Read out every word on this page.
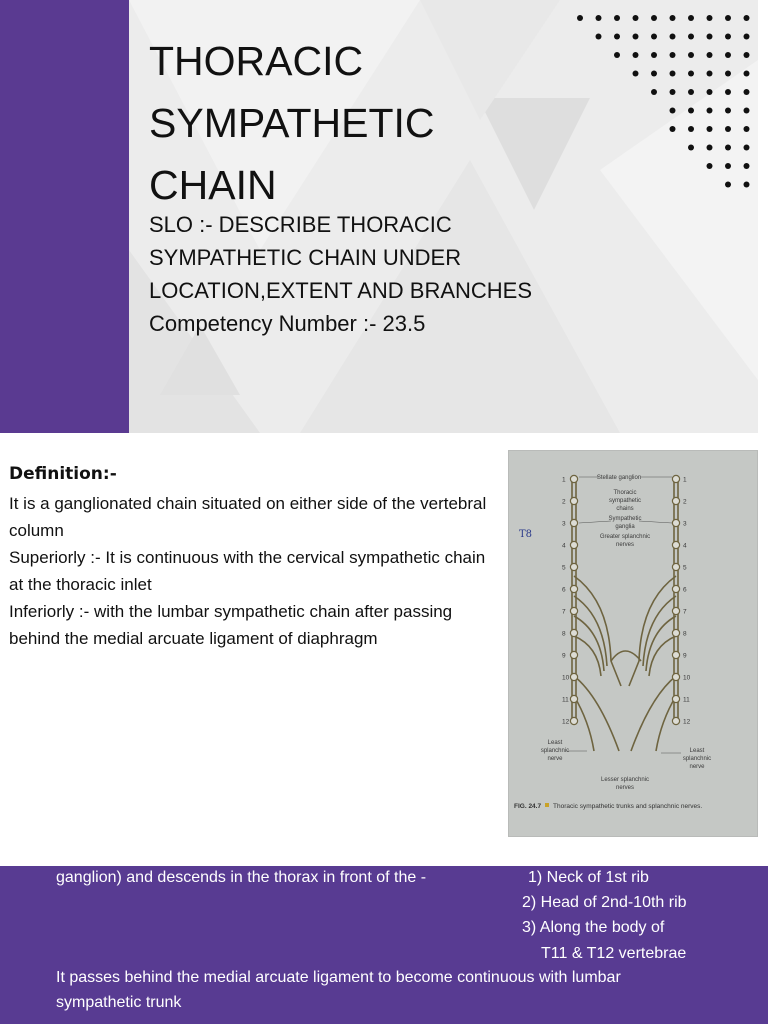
THORACIC
SYMPATHETIC
CHAIN

SLO :- DESCRIBE THORACIC
SYMPATHETIC CHAIN UNDER
LOCATION,EXTENT AND BRANCHES

Competency Number :- 23.5

Definition:-

It is a ganglionated chain situated on either side of the vertebral column

Superiorly :- It is continuous with the cervical sympathetic chain at the thoracic inlet

Inferiorly :- with the lumbar sympathetic chain after passing behind the medial arcuate ligament of diaphragm

Stellate ganglion
Thoracic
sympathetic
chains
Sympathetic
ganglia
Greater splanchnic
nerves
Least
splanchnic
nerve
Least
splanchnic
nerve
Lesser splanchnic
nerves
1	1
2	2
3	3
4	4
5	5
6	6
7	7
8	8
9	9
10	10
11	11
12	12
T8
FIG. 24.7 Thoracic sympathetic trunks and splanchnic nerves.

ganglion) and descends in the thorax in front of the -	1) Neck of 1st rib

2) Head of 2nd-10th rib

3) Along the body of

T11 & T12 vertebrae

It passes behind the medial arcuate ligament to become continuous with lumbar

sympathetic trunk
